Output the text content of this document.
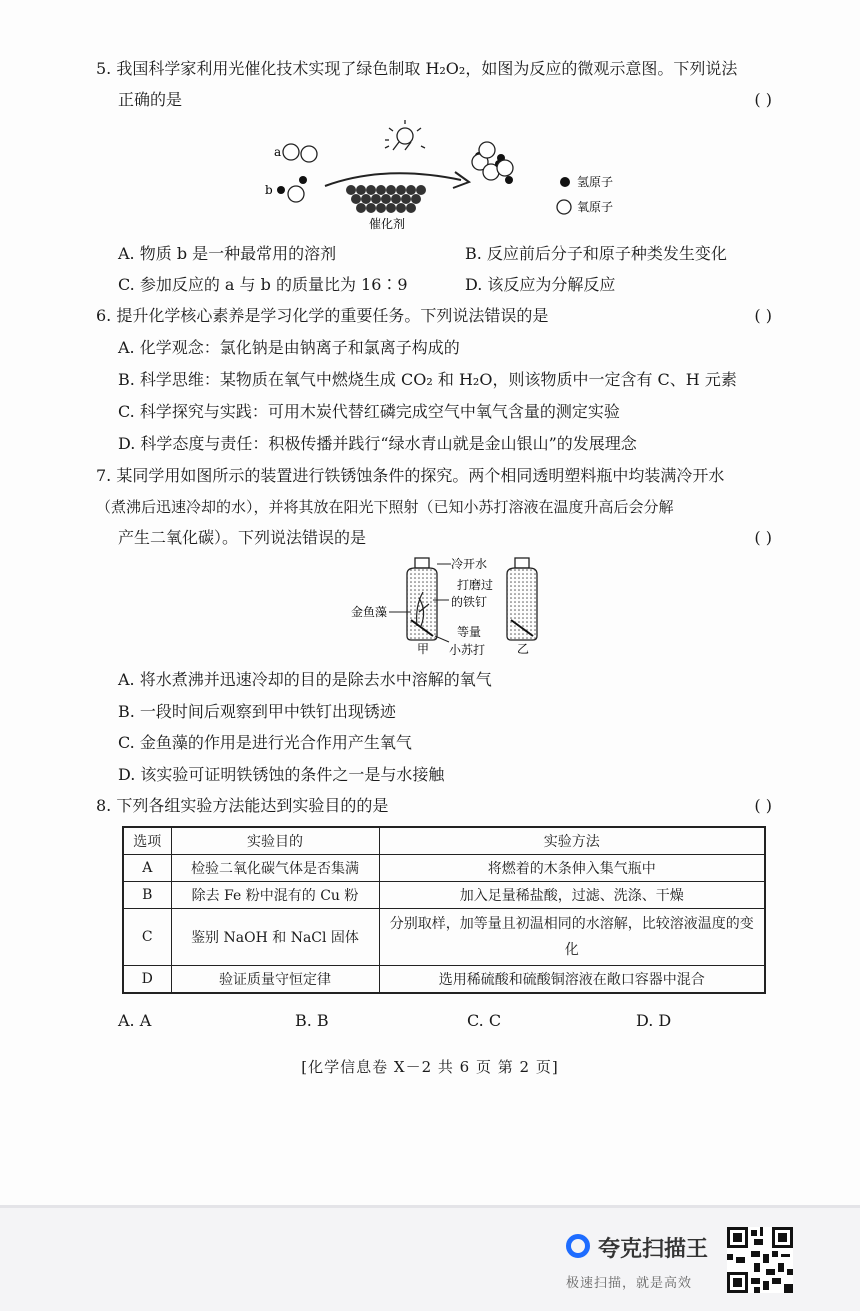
5. 我国科学家利用光催化技术实现了绿色制取 H₂O₂，如图为反应的微观示意图。下列说法
正确的是	( )
a
b
催化剂
氢原子
氧原子
A. 物质 b 是一种最常用的溶剂	B. 反应前后分子和原子种类发生变化
C. 参加反应的 a 与 b 的质量比为 16∶9	D. 该反应为分解反应
6. 提升化学核心素养是学习化学的重要任务。下列说法错误的是	( )
A. 化学观念：氯化钠是由钠离子和氯离子构成的
B. 科学思维：某物质在氧气中燃烧生成 CO₂ 和 H₂O，则该物质中一定含有 C、H 元素
C. 科学探究与实践：可用木炭代替红磷完成空气中氧气含量的测定实验
D. 科学态度与责任：积极传播并践行“绿水青山就是金山银山”的发展理念
7. 某同学用如图所示的装置进行铁锈蚀条件的探究。两个相同透明塑料瓶中均装满冷开水
（煮沸后迅速冷却的水），并将其放在阳光下照射（已知小苏打溶液在温度升高后会分解
产生二氧化碳）。下列说法错误的是	( )
冷开水
打磨过
的铁钉
金鱼藻
等量
小苏打
甲	乙
A. 将水煮沸并迅速冷却的目的是除去水中溶解的氧气
B. 一段时间后观察到甲中铁钉出现锈迹
C. 金鱼藻的作用是进行光合作用产生氧气
D. 该实验可证明铁锈蚀的条件之一是与水接触
8. 下列各组实验方法能达到实验目的的是	( )
选项	实验目的	实验方法
A	检验二氧化碳气体是否集满	将燃着的木条伸入集气瓶中
B	除去 Fe 粉中混有的 Cu 粉	加入足量稀盐酸，过滤、洗涤、干燥
C	鉴别 NaOH 和 NaCl 固体	分别取样，加等量且初温相同的水溶解，比较溶液温度的变化
D	验证质量守恒定律	选用稀硫酸和硫酸铜溶液在敞口容器中混合
A. A	B. B	C. C	D. D
[化学信息卷 X－2 共 6 页 第 2 页]
夸克扫描王
极速扫描，就是高效
